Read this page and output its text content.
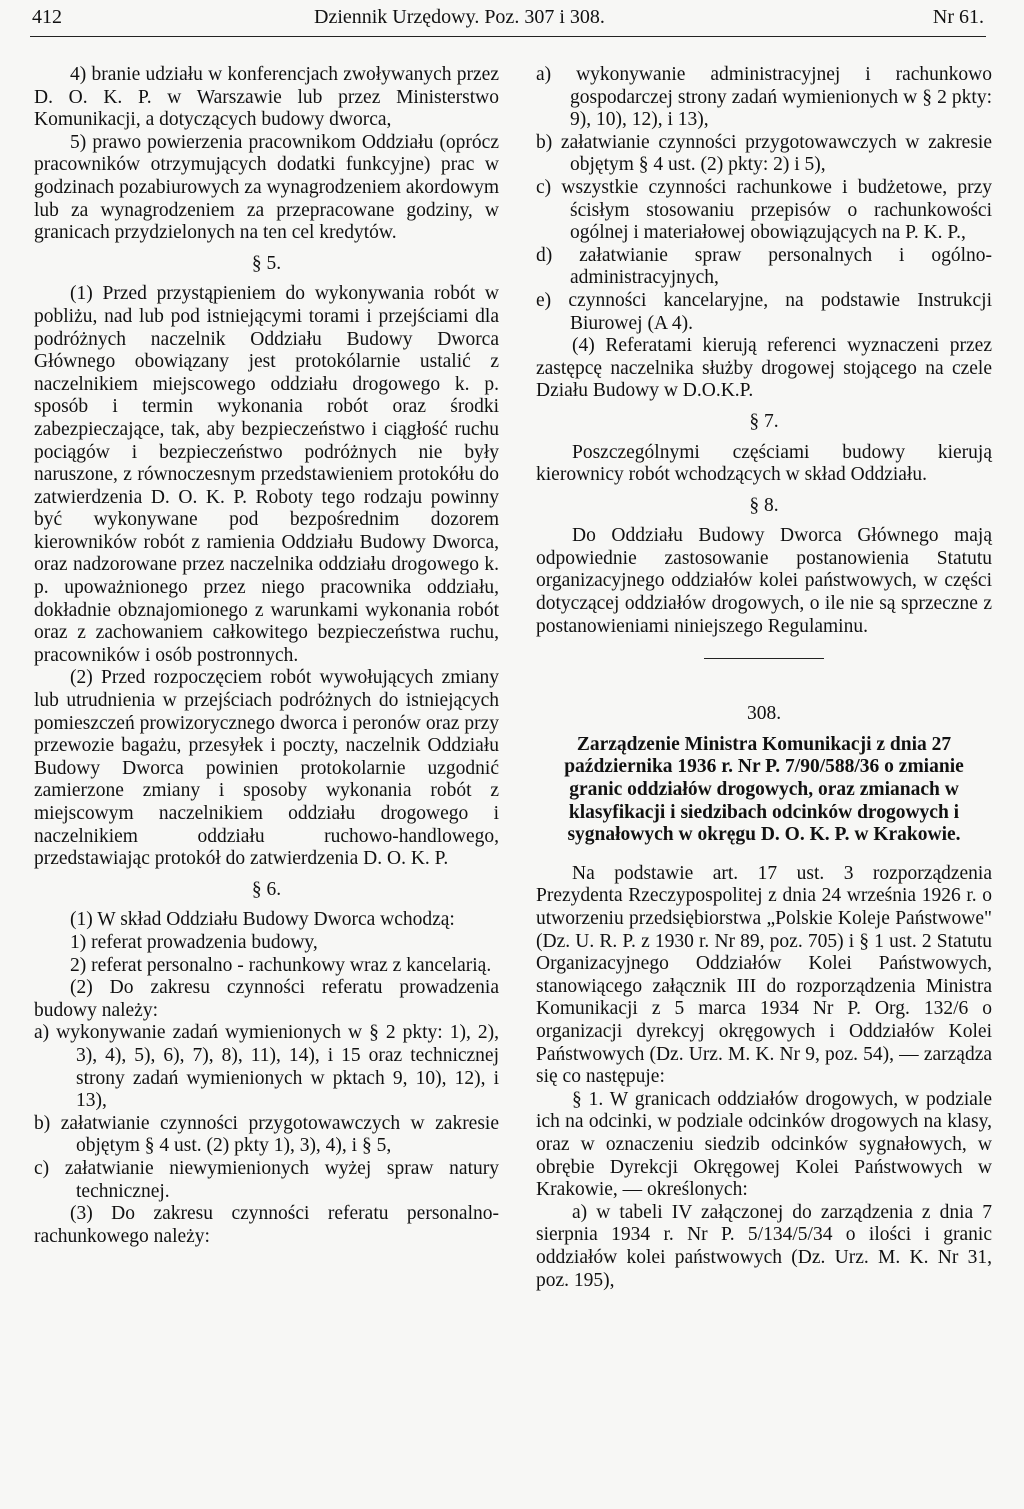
412	Dziennik Urzędowy. Poz. 307 i 308.	Nr 61.

4) branie udziału w konferencjach zwoływanych przez D. O. K. P. w Warszawie lub przez Ministerstwo Komunikacji, a dotyczących budowy dworca,

5) prawo powierzenia pracownikom Oddziału (oprócz pracowników otrzymujących dodatki funkcyjne) prac w godzinach pozabiurowych za wynagrodzeniem akordowym lub za wynagrodzeniem za przepracowane godziny, w granicach przydzielonych na ten cel kredytów.

§ 5.

(1) Przed przystąpieniem do wykonywania robót w pobliżu, nad lub pod istniejącymi torami i przejściami dla podróżnych naczelnik Oddziału Budowy Dworca Głównego obowiązany jest protokólarnie ustalić z naczelnikiem miejscowego oddziału drogowego k. p. sposób i termin wykonania robót oraz środki zabezpieczające, tak, aby bezpieczeństwo i ciągłość ruchu pociągów i bezpieczeństwo podróżnych nie były naruszone, z równoczesnym przedstawieniem protokółu do zatwierdzenia D. O. K. P. Roboty tego rodzaju powinny być wykonywane pod bezpośrednim dozorem kierowników robót z ramienia Oddziału Budowy Dworca, oraz nadzorowane przez naczelnika oddziału drogowego k. p. upoważnionego przez niego pracownika oddziału, dokładnie obznajomionego z warunkami wykonania robót oraz z zachowaniem całkowitego bezpieczeństwa ruchu, pracowników i osób postronnych.

(2) Przed rozpoczęciem robót wywołujących zmiany lub utrudnienia w przejściach podróżnych do istniejących pomieszczeń prowizorycznego dworca i peronów oraz przy przewozie bagażu, przesyłek i poczty, naczelnik Oddziału Budowy Dworca powinien protokolarnie uzgodnić zamierzone zmiany i sposoby wykonania robót z miejscowym naczelnikiem oddziału drogowego i naczelnikiem oddziału ruchowo-handlowego, przedstawiając protokół do zatwierdzenia D. O. K. P.

§ 6.

(1) W skład Oddziału Budowy Dworca wchodzą:

1) referat prowadzenia budowy,

2) referat personalno - rachunkowy wraz z kancelarią.

(2) Do zakresu czynności referatu prowadzenia budowy należy:

a) wykonywanie zadań wymienionych w § 2 pkty: 1), 2), 3), 4), 5), 6), 7), 8), 11), 14), i 15 oraz technicznej strony zadań wymienionych w pktach 9, 10), 12), i 13),

b) załatwianie czynności przygotowawczych w zakresie objętym § 4 ust. (2) pkty 1), 3), 4), i § 5,

c) załatwianie niewymienionych wyżej spraw natury technicznej.

(3) Do zakresu czynności referatu personalno-rachunkowego należy:

a) wykonywanie administracyjnej i rachunkowo gospodarczej strony zadań wymienionych w § 2 pkty: 9), 10), 12), i 13),

b) załatwianie czynności przygotowawczych w zakresie objętym § 4 ust. (2) pkty: 2) i 5),

c) wszystkie czynności rachunkowe i budżetowe, przy ścisłym stosowaniu przepisów o rachunkowości ogólnej i materiałowej obowiązujących na P. K. P.,

d) załatwianie spraw personalnych i ogólno-administracyjnych,

e) czynności kancelaryjne, na podstawie Instrukcji Biurowej (A 4).

(4) Referatami kierują referenci wyznaczeni przez zastępcę naczelnika służby drogowej stojącego na czele Działu Budowy w D.O.K.P.

§ 7.

Poszczególnymi częściami budowy kierują kierownicy robót wchodzących w skład Oddziału.

§ 8.

Do Oddziału Budowy Dworca Głównego mają odpowiednie zastosowanie postanowienia Statutu organizacyjnego oddziałów kolei państwowych, w części dotyczącej oddziałów drogowych, o ile nie są sprzeczne z postanowieniami niniejszego Regulaminu.

308.

Zarządzenie Ministra Komunikacji z dnia 27 października 1936 r. Nr P. 7/90/588/36 o zmianie granic oddziałów drogowych, oraz zmianach w klasyfikacji i siedzibach odcinków drogowych i sygnałowych w okręgu D. O. K. P. w Krakowie.

Na podstawie art. 17 ust. 3 rozporządzenia Prezydenta Rzeczypospolitej z dnia 24 września 1926 r. o utworzeniu przedsiębiorstwa „Polskie Koleje Państwowe" (Dz. U. R. P. z 1930 r. Nr 89, poz. 705) i § 1 ust. 2 Statutu Organizacyjnego Oddziałów Kolei Państwowych, stanowiącego załącznik III do rozporządzenia Ministra Komunikacji z 5 marca 1934 Nr P. Org. 132/6 o organizacji dyrekcyj okręgowych i Oddziałów Kolei Państwowych (Dz. Urz. M. K. Nr 9, poz. 54), — zarządza się co następuje:

§ 1. W granicach oddziałów drogowych, w podziale ich na odcinki, w podziale odcinków drogowych na klasy, oraz w oznaczeniu siedzib odcinków sygnałowych, w obrębie Dyrekcji Okręgowej Kolei Państwowych w Krakowie, — określonych:

a) w tabeli IV załączonej do zarządzenia z dnia 7 sierpnia 1934 r. Nr P. 5/134/5/34 o ilości i granic oddziałów kolei państwowych (Dz. Urz. M. K. Nr 31, poz. 195),
